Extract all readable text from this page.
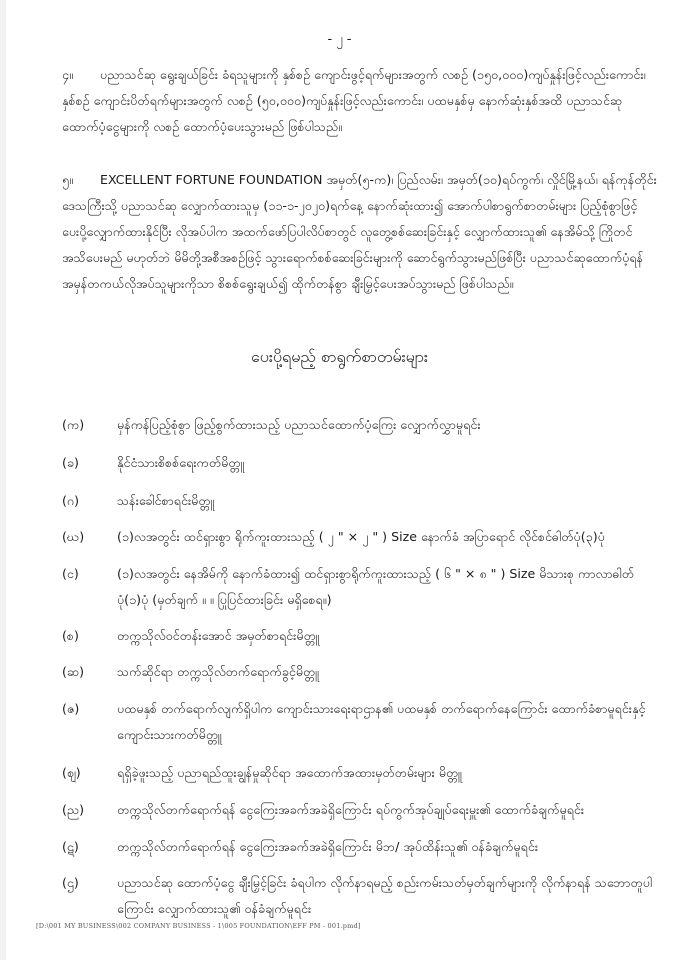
- ၂ -
၄။ ပညာသင်ဆု ရွေးချယ်ခြင်း ခံရသူများကို နှစ်စဉ် ကျောင်းဖွင့်ရက်များအတွက် လစဉ် (၁၅၀,၀၀၀)ကျပ်နှုန်းဖြင့်လည်းကောင်း၊ နှစ်စဉ် ကျောင်းပိတ်ရက်များအတွက် လစဉ် (၅၀,၀၀၀)ကျပ်နှုန်းဖြင့်လည်းကောင်း၊ ပထမနှစ်မှ နောက်ဆုံးနှစ်အထိ ပညာသင်ဆု ထောက်ပံ့ငွေများကို လစဉ် ထောက်ပံ့ပေးသွားမည် ဖြစ်ပါသည်။
၅။ EXCELLENT FORTUNE FOUNDATION အမှတ်(၅-က)၊ ပြည်လမ်း၊ အမှတ်(၁၀)ရပ်ကွက်၊ လှိုင်မြို့နယ်၊ ရန်ကုန်တိုင်းဒေသကြီးသို့ ပညာသင်ဆု လျှောက်ထားသူမှ (၁၁-၁-၂၀၂၀)ရက်နေ့ နောက်ဆုံးထား၍ အောက်ပါစာရွက်စာတမ်းများ ပြည့်စုံစွာဖြင့် ပေးပို့လျှောက်ထားနိုင်ပြီး လိုအပ်ပါက အထက်ဖော်ပြပါလိပ်စာတွင် လူတွေ့စစ်ဆေးခြင်းနှင့် လျှောက်ထားသူ၏ နေအိမ်သို့ ကြိုတင်အသိပေးမည် မဟုတ်ဘဲ မိမိတို့အစီအစဉ်ဖြင့် သွားရောက်စစ်ဆေးခြင်းများကို ဆောင်ရွက်သွားမည်ဖြစ်ပြီး ပညာသင်ဆုထောက်ပံ့ရန် အမှန်တကယ်လိုအပ်သူများကိုသာ စိစစ်ရွေးချယ်၍ ထိုက်တန်စွာ ချီးမြှင့်ပေးအပ်သွားမည် ဖြစ်ပါသည်။
ပေးပို့ရမည့် စာရွက်စာတမ်းများ
(က)	မှန်ကန်ပြည့်စုံစွာ ဖြည့်စွက်ထားသည့် ပညာသင်ထောက်ပံ့ကြေး လျှောက်လွှာမူရင်း
(ခ)	နိုင်ငံသားစိစစ်ရေးကတ်မိတ္တူ
(ဂ)	သန်းခေါင်စာရင်းမိတ္တူ
(ဃ)	(၁)လအတွင်း ထင်ရှားစွာ ရိုက်ကူးထားသည့် ( ၂ " × ၂ " ) Size နောက်ခံ အပြာရောင် လိုင်စင်ဓါတ်ပုံ(၃)ပုံ
(င)	(၁)လအတွင်း နေအိမ်ကို နောက်ခံထား၍ ထင်ရှားစွာရိုက်ကူးထားသည့် ( ၆ " × ၈ " ) Size မိသားစု ကာလာဓါတ်ပုံ(၁)ပုံ (မှတ်ချက် ။ ။ ပြုပြင်ထားခြင်း မရှိစေရ။)
(စ)	တက္ကသိုလ်ဝင်တန်းအောင် အမှတ်စာရင်းမိတ္တူ
(ဆ)	သက်ဆိုင်ရာ တက္ကသိုလ်တက်ရောက်ခွင့်မိတ္တူ
(ဇ)	ပထမနှစ် တက်ရောက်လျက်ရှိပါက ကျောင်းသားရေးရာဌာန၏ ပထမနှစ် တက်ရောက်နေကြောင်း ထောက်ခံစာမူရင်းနှင့် ကျောင်းသားကတ်မိတ္တူ
(ဈ)	ရရှိခဲ့ဖူးသည့် ပညာရည်ထူးချွန်မှုဆိုင်ရာ အထောက်အထားမှတ်တမ်းများ မိတ္တူ
(ည)	တက္ကသိုလ်တက်ရောက်ရန် ငွေကြေးအခက်အခဲရှိကြောင်း ရပ်ကွက်အုပ်ချုပ်ရေးမှူး၏ ထောက်ခံချက်မူရင်း
(ဋ)	တက္ကသိုလ်တက်ရောက်ရန် ငွေကြေးအခက်အခဲရှိကြောင်း မိဘ/ အုပ်ထိန်းသူ၏ ဝန်ခံချက်မူရင်း
(ဌ)	ပညာသင်ဆု ထောက်ပံ့ငွေ ချီးမြှင့်ခြင်း ခံရပါက လိုက်နာရမည့် စည်းကမ်းသတ်မှတ်ချက်များကို လိုက်နာရန် သဘောတူပါကြောင်း လျှောက်ထားသူ၏ ဝန်ခံချက်မူရင်း
[D:\001 MY BUSINESS\002 COMPANY BUSINESS - 1\005 FOUNDATION\EFF PM - 001.pmd]
